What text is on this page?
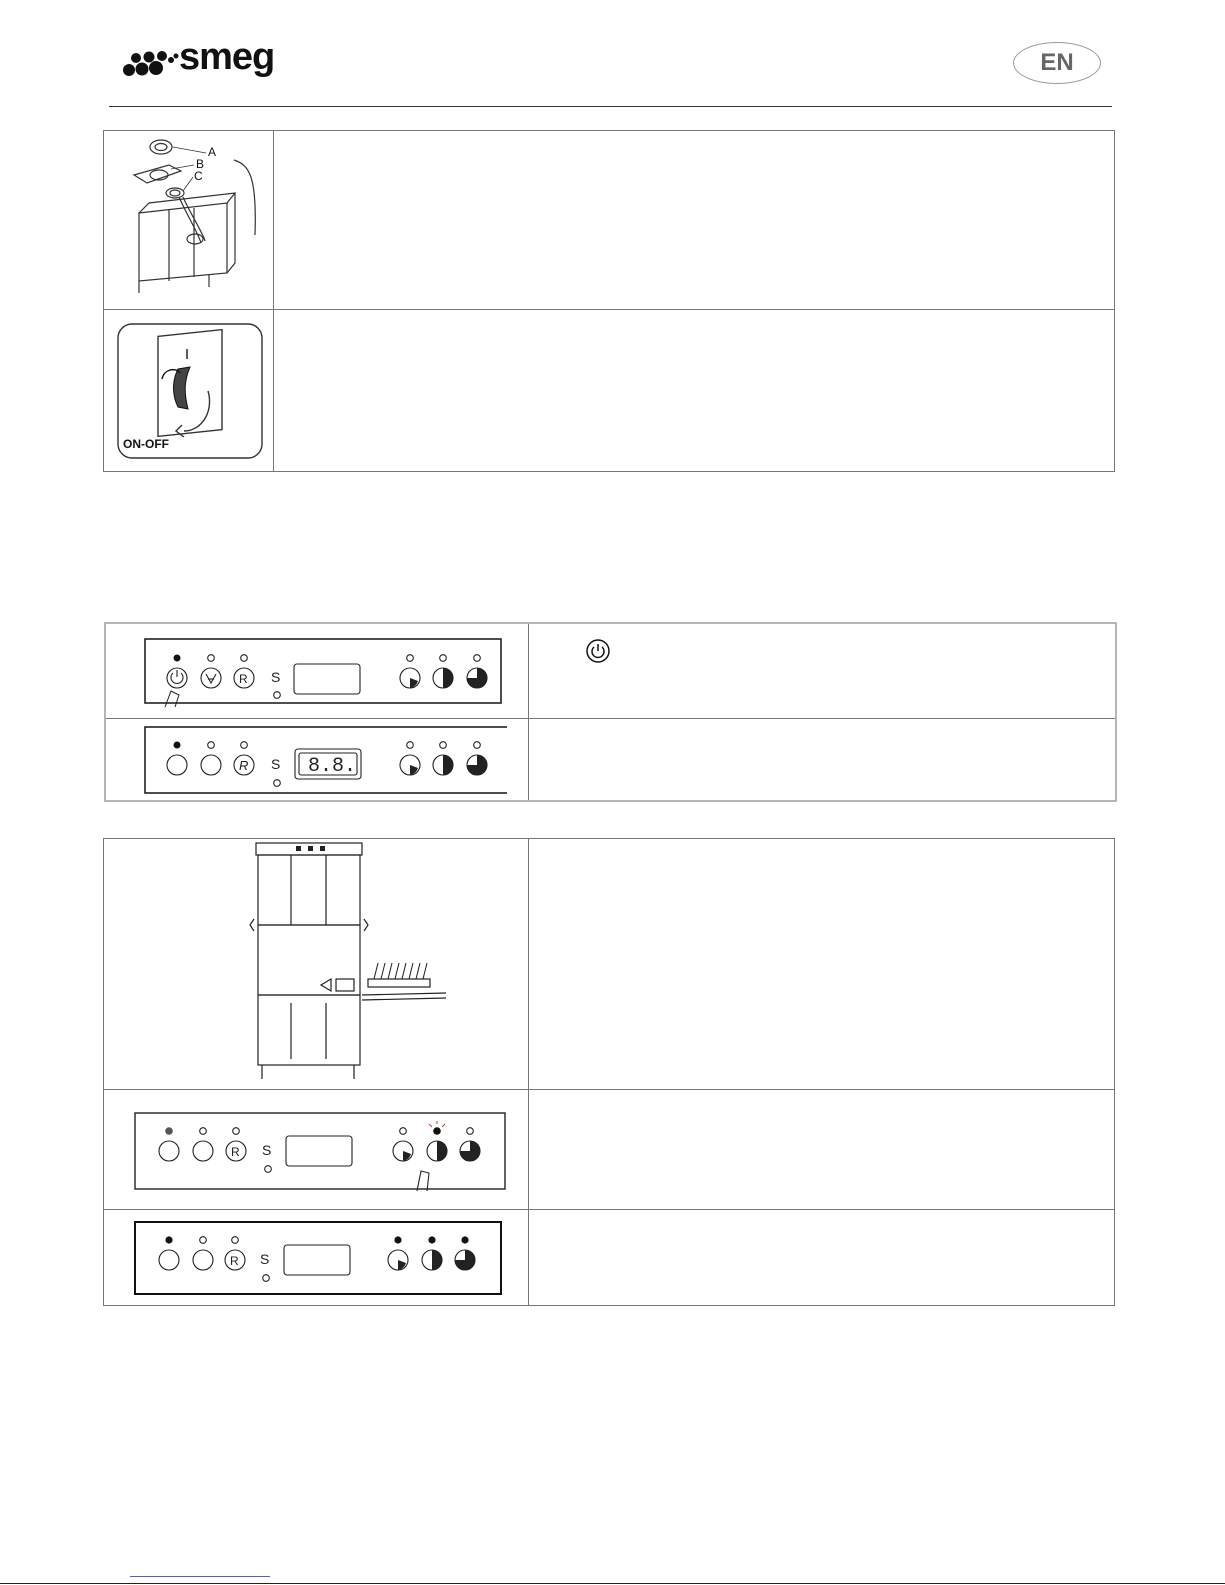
smeg	EN
A
B
C	

ON-OFF	

R S

R S 8.8.	

R S	

R S	
